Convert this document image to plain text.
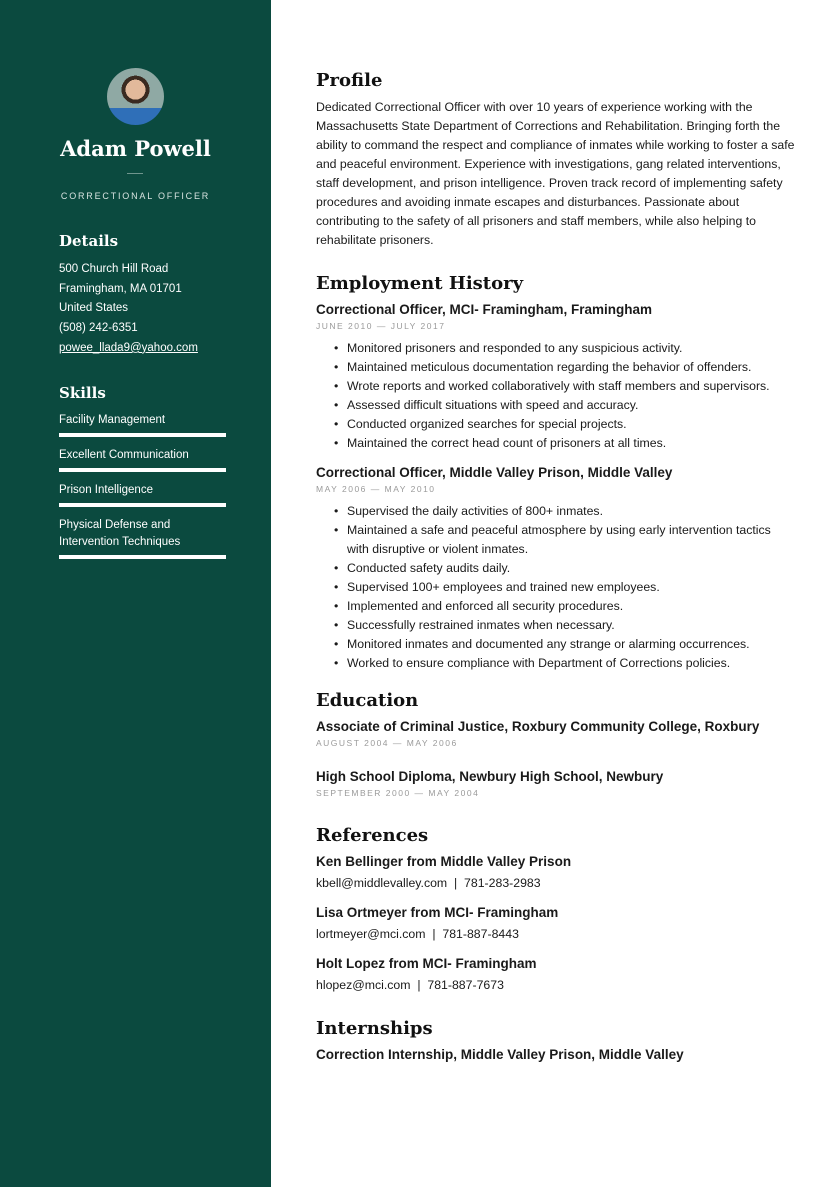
Adam Powell
CORRECTIONAL OFFICER
Details
500 Church Hill Road
Framingham, MA 01701
United States
(508) 242-6351
powee_llada9@yahoo.com
Skills
Facility Management
Excellent Communication
Prison Intelligence
Physical Defense and Intervention Techniques
Profile
Dedicated Correctional Officer with over 10 years of experience working with the Massachusetts State Department of Corrections and Rehabilitation. Bringing forth the ability to command the respect and compliance of inmates while working to foster a safe and peaceful environment. Experience with investigations, gang related interventions, staff development, and prison intelligence. Proven track record of implementing safety procedures and avoiding inmate escapes and disturbances. Passionate about contributing to the safety of all prisoners and staff members, while also helping to rehabilitate prisoners.
Employment History
Correctional Officer, MCI- Framingham, Framingham
JUNE 2010 — JULY 2017
• Monitored prisoners and responded to any suspicious activity.
• Maintained meticulous documentation regarding the behavior of offenders.
• Wrote reports and worked collaboratively with staff members and supervisors.
• Assessed difficult situations with speed and accuracy.
• Conducted organized searches for special projects.
• Maintained the correct head count of prisoners at all times.
Correctional Officer, Middle Valley Prison, Middle Valley
MAY 2006 — MAY 2010
• Supervised the daily activities of 800+ inmates.
• Maintained a safe and peaceful atmosphere by using early intervention tactics with disruptive or violent inmates.
• Conducted safety audits daily.
• Supervised 100+ employees and trained new employees.
• Implemented and enforced all security procedures.
• Successfully restrained inmates when necessary.
• Monitored inmates and documented any strange or alarming occurrences.
• Worked to ensure compliance with Department of Corrections policies.
Education
Associate of Criminal Justice, Roxbury Community College, Roxbury
AUGUST 2004 — MAY 2006
High School Diploma, Newbury High School, Newbury
SEPTEMBER 2000 — MAY 2004
References
Ken Bellinger from Middle Valley Prison
kbell@middlevalley.com  |  781-283-2983
Lisa Ortmeyer from MCI- Framingham
lortmeyer@mci.com  |  781-887-8443
Holt Lopez from MCI- Framingham
hlopez@mci.com  |  781-887-7673
Internships
Correction Internship, Middle Valley Prison, Middle Valley
